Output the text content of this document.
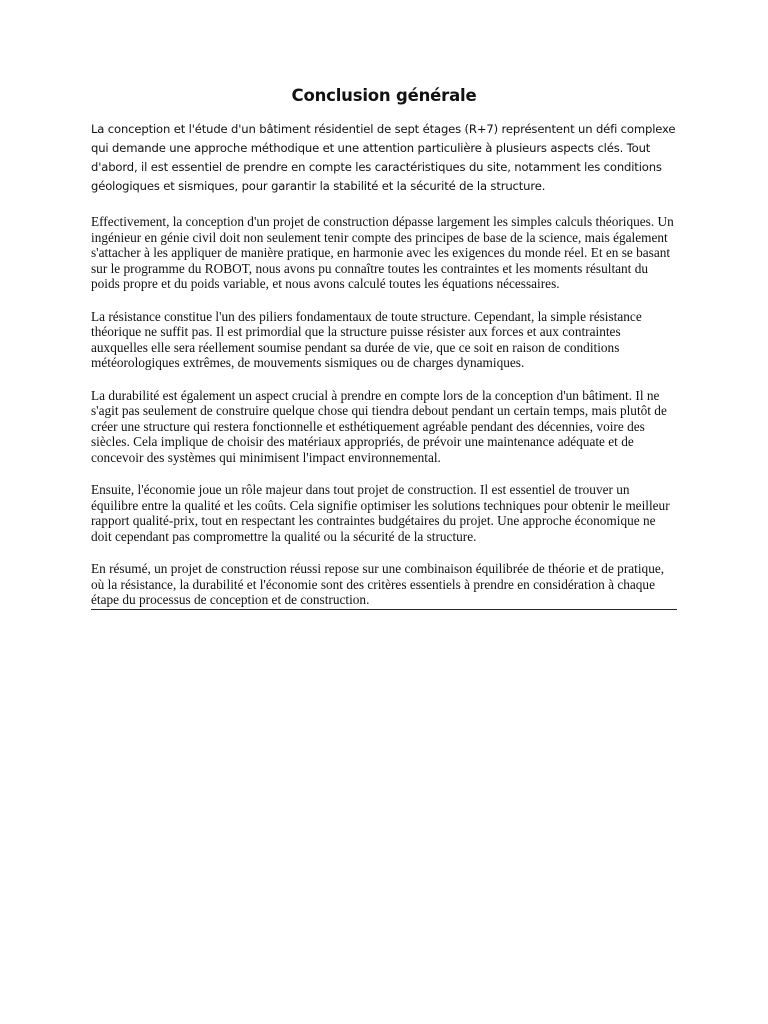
Conclusion générale

La conception et l'étude d'un bâtiment résidentiel de sept étages (R+7) représentent un défi complexe qui demande une approche méthodique et une attention particulière à plusieurs aspects clés. Tout d'abord, il est essentiel de prendre en compte les caractéristiques du site, notamment les conditions géologiques et sismiques, pour garantir la stabilité et la sécurité de la structure.

Effectivement, la conception d'un projet de construction dépasse largement les simples calculs théoriques. Un ingénieur en génie civil doit non seulement tenir compte des principes de base de la science, mais également s'attacher à les appliquer de manière pratique, en harmonie avec les exigences du monde réel. Et en se basant sur le programme du ROBOT, nous avons pu connaître toutes les contraintes et les moments résultant du poids propre et du poids variable, et nous avons calculé toutes les équations nécessaires.

La résistance constitue l'un des piliers fondamentaux de toute structure. Cependant, la simple résistance théorique ne suffit pas. Il est primordial que la structure puisse résister aux forces et aux contraintes auxquelles elle sera réellement soumise pendant sa durée de vie, que ce soit en raison de conditions météorologiques extrêmes, de mouvements sismiques ou de charges dynamiques.

La durabilité est également un aspect crucial à prendre en compte lors de la conception d'un bâtiment. Il ne s'agit pas seulement de construire quelque chose qui tiendra debout pendant un certain temps, mais plutôt de créer une structure qui restera fonctionnelle et esthétiquement agréable pendant des décennies, voire des siècles. Cela implique de choisir des matériaux appropriés, de prévoir une maintenance adéquate et de concevoir des systèmes qui minimisent l'impact environnemental.

Ensuite, l'économie joue un rôle majeur dans tout projet de construction. Il est essentiel de trouver un équilibre entre la qualité et les coûts. Cela signifie optimiser les solutions techniques pour obtenir le meilleur rapport qualité-prix, tout en respectant les contraintes budgétaires du projet. Une approche économique ne doit cependant pas compromettre la qualité ou la sécurité de la structure.

En résumé, un projet de construction réussi repose sur une combinaison équilibrée de théorie et de pratique, où la résistance, la durabilité et l'économie sont des critères essentiels à prendre en considération à chaque étape du processus de conception et de construction.
